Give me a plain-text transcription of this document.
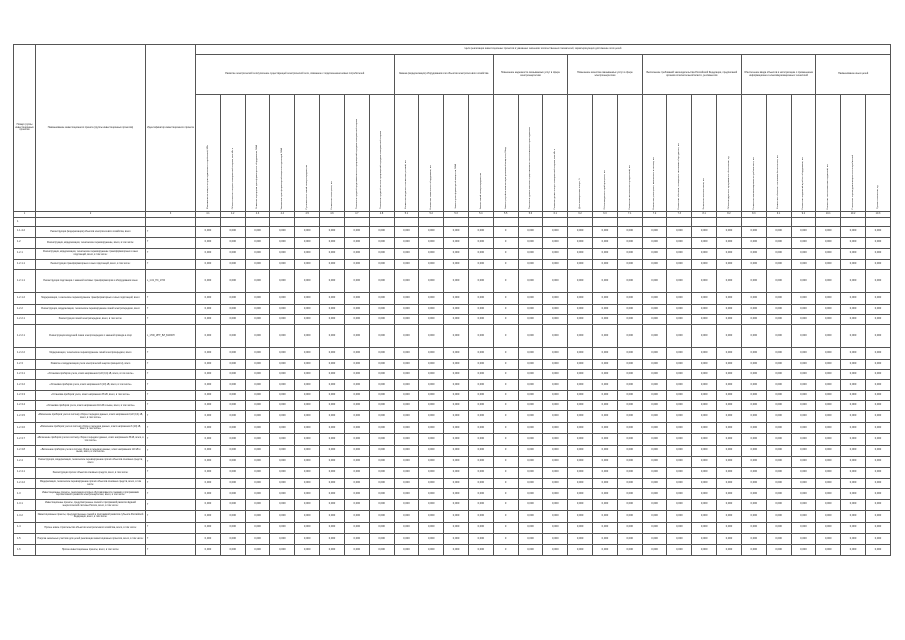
Номер группы инвестиционных проектов	Наименование инвестиционного проекта (группы инвестиционных проектов)	Идентификатор инвестиционного проекта	Цели реализации инвестиционных проектов в указанных значениях количественных показателей, характеризующих достижение этих целей																											
			Развитие электрической сети/усиление существующей электрической сети, связанное с подключением новых потребителей								Замена (модернизация) оборудования или объектов электросетевого хозяйства				Повышение надежности оказываемых услуг в сфере электроэнергетики			Повышение качества оказываемых услуг в сфере электроэнергетики			Выполнение требований законодательства Российской Федерации, предписаний органов исполнительной власти, регламентов				Обеспечение ввода объектов в эксплуатацию с применением информационно-телекоммуникационных технологий			Наименование иных целей		
			Максимальная мощность присоединяемых потребителей, МВт	Объем полезного отпуска электрической энергии, млн кВт·ч	Снижение перегрузки трансформаторного оборудования, МВА	Увеличение трансформаторной мощности подстанций, МВА	Протяженность линий электропередачи, км	Количество точек учета, шт.	Показатель средней продолжительности прекращений передачи электрической энергии	Показатель средней частоты прекращений передачи электрической энергии	Количество выданных технических условий, шт.	Количество замененного оборудования, шт.	Замена трансформаторной мощности, МВА	Замена линий электропередачи, км	Замена устройств компенсации реактивной мощности, Мвар	Показатель уровня качества осуществляемого технологического присоединения	Снижение уровня потерь электрической энергии, млн кВт·ч	Доля коммерческих потерь, %	Объем введенных приборов учета, шт.	Количество выполненных предписаний, шт.	Количество узлов учета, включенных в систему, шт.	Количество объектов, оснащенных системами сбора данных, шт.	Количество каналов связи, шт.	Объем внедренного программного обеспечения, ед.	Количество автоматизированных рабочих мест, шт.	Количество объектов с системами безопасности, шт.	Количество нарушений в работе оборудования, шт.	Количество технологических нарушений, шт.	Показатель оценки удовлетворенности потребителей	Прочие показатели, ед.
1	2	3	4.1	4.2	4.3	4.4	4.5	4.6	4.7	4.8	5.1	5.2	5.3	5.4	5.5	5.6	6.1	6.2	6.3	7.1	7.2	7.3	8.1	8.2	8.3	9.1	9.2	10.1	10.2	10.3
1																														
1.1.4.2	Реконструкция (модернизация) объектов электросетевого хозяйства, всего	Г	0,000	0,000	0,000	0,000	0,000	0,000	0,000	0,000	0,000	0,000	0,000	0,000	0	0,000	0,000	0,000	0,000	0,000	0,000	0,000	0,000	0,000	0,000	0,000	0,000	0,000	0,000	0,000
1.2	Реконструкция, модернизация, техническое перевооружение, всего, в том числе:	Г	0,000	0,000	0,000	0,000	0,000	0,000	0,000	0,000	0,000	0,000	0,000	0,000	0	0,000	0,000	0,000	0,000	0,000	0,000	0,000	0,000	0,000	0,000	0,000	0,000	0,000	0,000	0,000
1.2.1	Реконструкция, модернизация, техническое перевооружение трансформаторных и иных подстанций, всего, в том числе:	Г	0,000	0,000	0,000	0,000	0,000	0,000	0,000	0,000	0,000	0,000	0,000	0,000	0	0,000	0,000	0,000	0,000	0,000	0,000	0,000	0,000	0,000	0,000	0,000	0,000	0,000	0,000	0,000
1.2.1.1	Реконструкция трансформаторных и иных подстанций, всего, в том числе:	Г	0,000	0,000	0,000	0,000	0,000	0,000	0,000	0,000	0,000	0,000	0,000	0,000	0	0,000	0,000	0,000	0,000	0,000	0,000	0,000	0,000	0,000	0,000	0,000	0,000	0,000	0,000	0,000
1.2.1.1	Реконструкция подстанции с заменой силовых трансформаторов и оборудования ячеек	L_1.01_ПС_1700	0,000	0,000	0,000	0,000	0,000	0,000	0,000	0,000	0,000	0,000	0,000	0,000	0	0,000	0,000	0,000	0,000	0,000	0,000	0,000	0,000	0,000	0,000	0,000	0,000	0,000	0,000	0,000
1.2.1.2	Модернизация, техническое перевооружение трансформаторных и иных подстанций, всего	Г	0,000	0,000	0,000	0,000	0,000	0,000	0,000	0,000	0,000	0,000	0,000	0,000	0	0,000	0,000	0,000	0,000	0,000	0,000	0,000	0,000	0,000	0,000	0,000	0,000	0,000	0,000	0,000
1.2.2	Реконструкция, модернизация, техническое перевооружение линий электропередачи, всего	Г	0,000	0,000	0,000	0,000	0,000	0,000	0,000	0,000	0,000	0,000	0,000	0,000	0	0,000	0,000	0,000	0,000	0,000	0,000	0,000	0,000	0,000	0,000	0,000	0,000	0,000	0,000	0,000
1.2.2.1	Реконструкция линий электропередачи, всего, в том числе:	Г	0,000	0,000	0,000	0,000	0,000	0,000	0,000	0,000	0,000	0,000	0,000	0,000	0	0,000	0,000	0,000	0,000	0,000	0,000	0,000	0,000	0,000	0,000	0,000	0,000	0,000	0,000	0,000
1.2.2.1	Реконструкция воздушной линии электропередачи с заменой провода и опор	L_1700_ИНТ_ВЛ_Б1030Н	0,000	0,000	0,000	0,000	0,000	0,000	0,000	0,000	0,000	0,000	0,000	0,000	0	0,000	0,000	0,000	0,000	0,000	0,000	0,000	0,000	0,000	0,000	0,000	0,000	0,000	0,000	0,000
1.2.2.2	Модернизация, техническое перевооружение линий электропередачи, всего	Г	0,000	0,000	0,000	0,000	0,000	0,000	0,000	0,000	0,000	0,000	0,000	0,000	0	0,000	0,000	0,000	0,000	0,000	0,000	0,000	0,000	0,000	0,000	0,000	0,000	0,000	0,000	0,000
1.2.3	Развитие и модернизация учета электрической энергии (мощности), всего	Г	0,000	0,000	0,000	0,000	0,000	0,000	0,000	0,000	0,000	0,000	0,000	0,000	0	0,000	0,000	0,000	0,000	0,000	0,000	0,000	0,000	0,000	0,000	0,000	0,000	0,000	0,000	0,000
1.2.3.1	«Установка приборов учета, класс напряжения 0,22 (0,4) кВ, всего, в том числе»	Г	0,000	0,000	0,000	0,000	0,000	0,000	0,000	0,000	0,000	0,000	0,000	0,000	0	0,000	0,000	0,000	0,000	0,000	0,000	0,000	0,000	0,000	0,000	0,000	0,000	0,000	0,000	0,000
1.2.3.2	«Установка приборов учета, класс напряжения 6 (10) кВ, всего, в том числе»	Г	0,000	0,000	0,000	0,000	0,000	0,000	0,000	0,000	0,000	0,000	0,000	0,000	0	0,000	0,000	0,000	0,000	0,000	0,000	0,000	0,000	0,000	0,000	0,000	0,000	0,000	0,000	0,000
1.2.3.3	«Установка приборов учета, класс напряжения 35 кВ, всего, в том числе»	Г	0,000	0,000	0,000	0,000	0,000	0,000	0,000	0,000	0,000	0,000	0,000	0,000	0	0,000	0,000	0,000	0,000	0,000	0,000	0,000	0,000	0,000	0,000	0,000	0,000	0,000	0,000	0,000
1.2.3.4	«Установка приборов учета, класс напряжения 110 кВ и выше, всего, в том числе»	Г	0,000	0,000	0,000	0,000	0,000	0,000	0,000	0,000	0,000	0,000	0,000	0,000	0	0,000	0,000	0,000	0,000	0,000	0,000	0,000	0,000	0,000	0,000	0,000	0,000	0,000	0,000	0,000
1.2.3.5	«Включение приборов учета в систему сбора и передачи данных, класс напряжения 0,22 (0,4) кВ, всего, в том числе»	Г	0,000	0,000	0,000	0,000	0,000	0,000	0,000	0,000	0,000	0,000	0,000	0,000	0	0,000	0,000	0,000	0,000	0,000	0,000	0,000	0,000	0,000	0,000	0,000	0,000	0,000	0,000	0,000
1.2.3.6	«Включение приборов учета в систему сбора и передачи данных, класс напряжения 6 (10) кВ, всего, в том числе»	Г	0,000	0,000	0,000	0,000	0,000	0,000	0,000	0,000	0,000	0,000	0,000	0,000	0	0,000	0,000	0,000	0,000	0,000	0,000	0,000	0,000	0,000	0,000	0,000	0,000	0,000	0,000	0,000
1.2.3.7	«Включение приборов учета в систему сбора и передачи данных, класс напряжения 35 кВ, всего, в том числе»	Г	0,000	0,000	0,000	0,000	0,000	0,000	0,000	0,000	0,000	0,000	0,000	0,000	0	0,000	0,000	0,000	0,000	0,000	0,000	0,000	0,000	0,000	0,000	0,000	0,000	0,000	0,000	0,000
1.2.3.8	«Включение приборов учета в систему сбора и передачи данных, класс напряжения 110 кВ и выше, всего, в том числе»	Г	0,000	0,000	0,000	0,000	0,000	0,000	0,000	0,000	0,000	0,000	0,000	0,000	0	0,000	0,000	0,000	0,000	0,000	0,000	0,000	0,000	0,000	0,000	0,000	0,000	0,000	0,000	0,000
1.2.4	Реконструкция, модернизация, техническое перевооружение прочих объектов основных средств, всего	Г	0,000	0,000	0,000	0,000	0,000	0,000	0,000	0,000	0,000	0,000	0,000	0,000	0	0,000	0,000	0,000	0,000	0,000	0,000	0,000	0,000	0,000	0,000	0,000	0,000	0,000	0,000	0,000
1.2.4.1	Реконструкция прочих объектов основных средств, всего, в том числе:	Г	0,000	0,000	0,000	0,000	0,000	0,000	0,000	0,000	0,000	0,000	0,000	0,000	0	0,000	0,000	0,000	0,000	0,000	0,000	0,000	0,000	0,000	0,000	0,000	0,000	0,000	0,000	0,000
1.2.4.2	Модернизация, техническое перевооружение прочих объектов основных средств, всего, в том числе:	Г	0,000	0,000	0,000	0,000	0,000	0,000	0,000	0,000	0,000	0,000	0,000	0,000	0	0,000	0,000	0,000	0,000	0,000	0,000	0,000	0,000	0,000	0,000	0,000	0,000	0,000	0,000	0,000
1.3	Инвестиционные проекты, реализация которых обуславливается схемами и программами перспективного развития электроэнергетики, всего, в том числе:	Г	0,000	0,000	0,000	0,000	0,000	0,000	0,000	0,000	0,000	0,000	0,000	0,000	0	0,000	0,000	0,000	0,000	0,000	0,000	0,000	0,000	0,000	0,000	0,000	0,000	0,000	0,000	0,000
1.3.1	Инвестиционные проекты, предусмотренные схемой и программой развития Единой энергетической системы России, всего, в том числе:	Г	0,000	0,000	0,000	0,000	0,000	0,000	0,000	0,000	0,000	0,000	0,000	0,000	0	0,000	0,000	0,000	0,000	0,000	0,000	0,000	0,000	0,000	0,000	0,000	0,000	0,000	0,000	0,000
1.3.2	Инвестиционные проекты, предусмотренные схемой и программой развития субъекта Российской Федерации, всего, в том числе:	Г	0,000	0,000	0,000	0,000	0,000	0,000	0,000	0,000	0,000	0,000	0,000	0,000	0	0,000	0,000	0,000	0,000	0,000	0,000	0,000	0,000	0,000	0,000	0,000	0,000	0,000	0,000	0,000
1.4	Прочее новое строительство объектов электросетевого хозяйства, всего, в том числе:	Г	0,000	0,000	0,000	0,000	0,000	0,000	0,000	0,000	0,000	0,000	0,000	0,000	0	0,000	0,000	0,000	0,000	0,000	0,000	0,000	0,000	0,000	0,000	0,000	0,000	0,000	0,000	0,000
1.5	Покупка земельных участков для целей реализации инвестиционных проектов, всего, в том числе:	Г	0,000	0,000	0,000	0,000	0,000	0,000	0,000	0,000	0,000	0,000	0,000	0,000	0	0,000	0,000	0,000	0,000	0,000	0,000	0,000	0,000	0,000	0,000	0,000	0,000	0,000	0,000	0,000
1.6	Прочие инвестиционные проекты, всего, в том числе:	Г	0,000	0,000	0,000	0,000	0,000	0,000	0,000	0,000	0,000	0,000	0,000	0,000	0	0,000	0,000	0,000	0,000	0,000	0,000	0,000	0,000	0,000	0,000	0,000	0,000	0,000	0,000	0,000
